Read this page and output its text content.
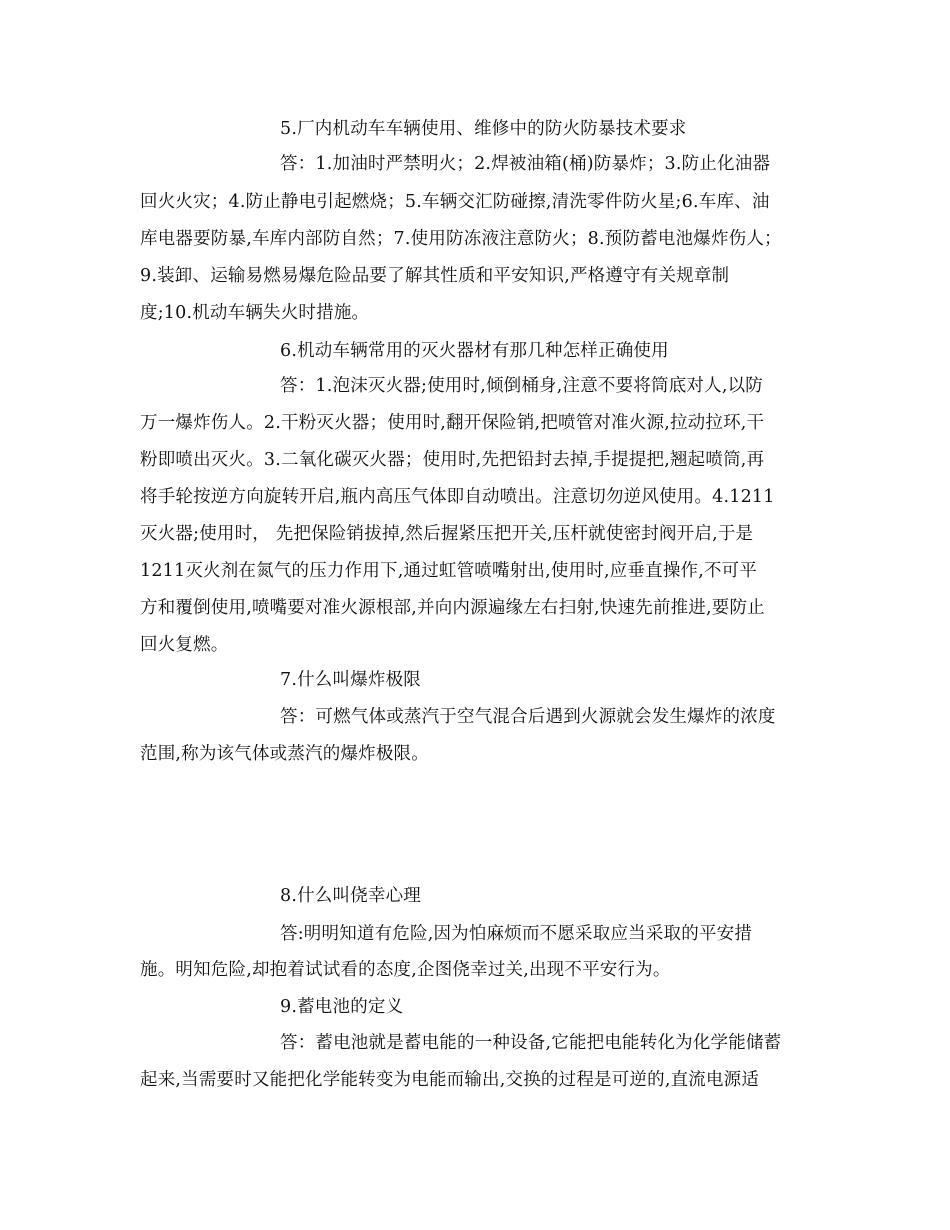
5.厂内机动车车辆使用、维修中的防火防暴技术要求
答：1.加油时严禁明火；2.焊被油箱(桶)防暴炸；3.防止化油器
回火火灾；4.防止静电引起燃烧；5.车辆交汇防碰擦,清洗零件防火星;6.车库、油
库电器要防暴,车库内部防自然；7.使用防冻液注意防火；8.预防蓄电池爆炸伤人；
9.装卸、运输易燃易爆危险品要了解其性质和平安知识,严格遵守有关规章制
度;10.机动车辆失火时措施。
6.机动车辆常用的灭火器材有那几种怎样正确使用
答：1.泡沫灭火器;使用时,倾倒桶身,注意不要将筒底对人,以防
万一爆炸伤人。2.干粉灭火器；使用时,翻开保险销,把喷管对准火源,拉动拉环,干
粉即喷出灭火。3.二氧化碳灭火器；使用时,先把铅封去掉,手提提把,翘起喷筒,再
将手轮按逆方向旋转开启,瓶内高压气体即自动喷出。注意切勿逆风使用。4.1211
灭火器;使用时， 先把保险销拔掉,然后握紧压把开关,压杆就使密封阀开启,于是
1211灭火剂在氮气的压力作用下,通过虹管喷嘴射出,使用时,应垂直操作,不可平
方和覆倒使用,喷嘴要对准火源根部,并向内源遍缘左右扫射,快速先前推进,要防止
回火复燃。
7.什么叫爆炸极限
答：可燃气体或蒸汽于空气混合后遇到火源就会发生爆炸的浓度
范围,称为该气体或蒸汽的爆炸极限。
8.什么叫侥幸心理
答:明明知道有危险,因为怕麻烦而不愿采取应当采取的平安措
施。明知危险,却抱着试试看的态度,企图侥幸过关,出现不平安行为。
9.蓄电池的定义
答：蓄电池就是蓄电能的一种设备,它能把电能转化为化学能储蓄
起来,当需要时又能把化学能转变为电能而输出,交换的过程是可逆的,直流电源适
